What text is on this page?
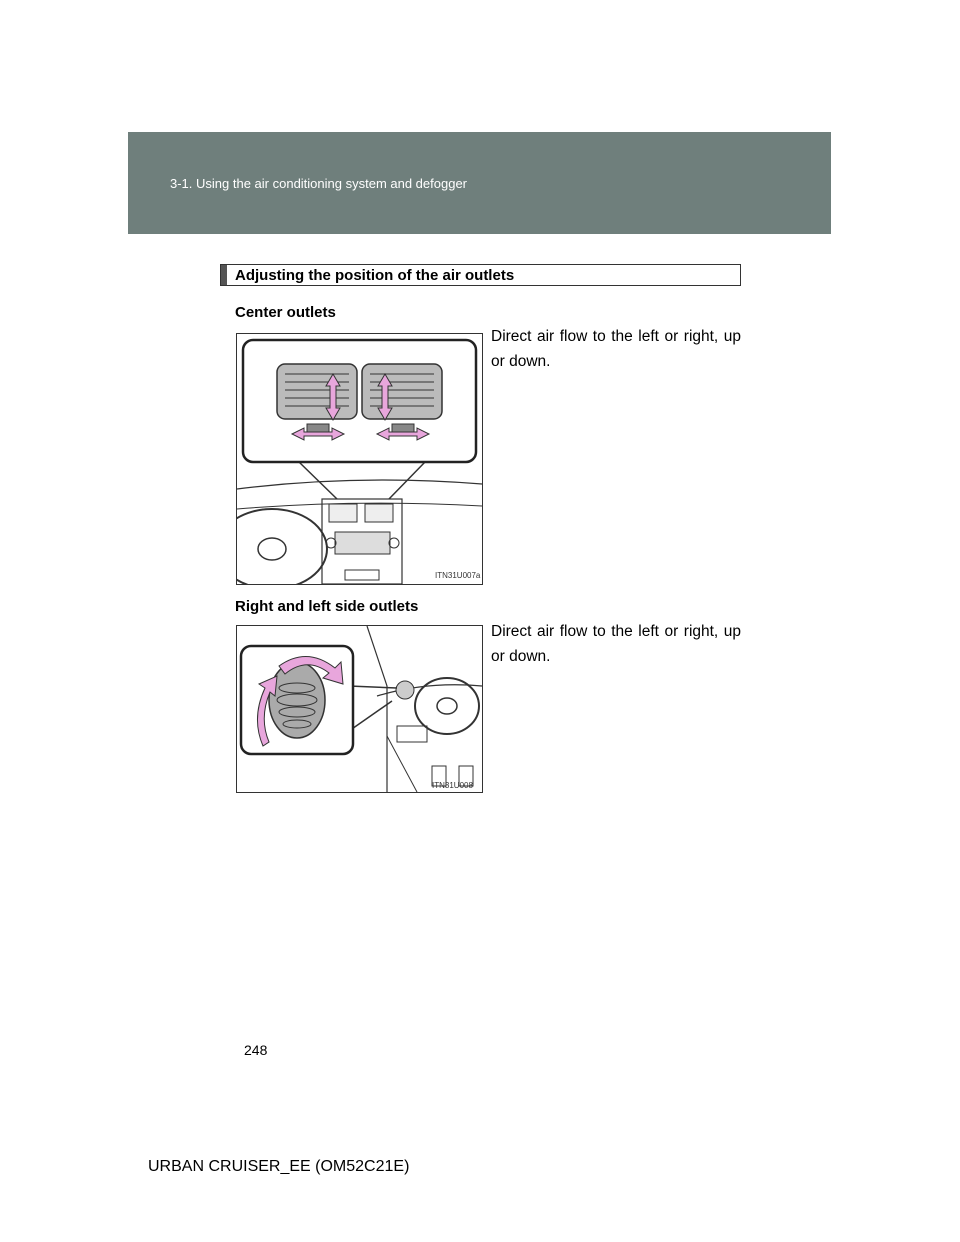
3-1. Using the air conditioning system and defogger
Adjusting the position of the air outlets
Center outlets
Direct air flow to the left or right, up or down.
ITN31U007a
Right and left side outlets
Direct air flow to the left or right, up or down.
ITN31U008
248
URBAN CRUISER_EE (OM52C21E)
